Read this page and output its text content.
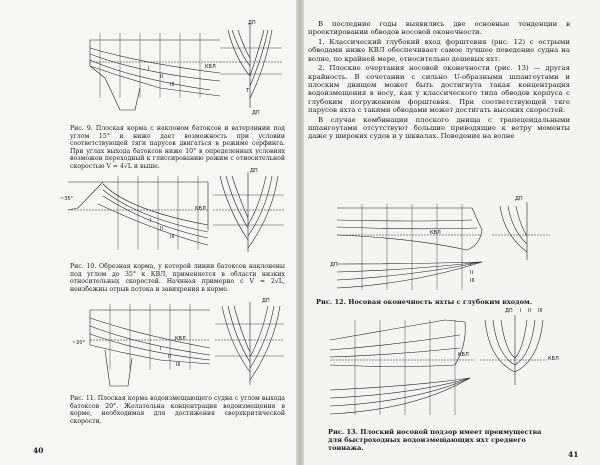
ДП
I
II
III
КВЛ
Т
ДП
Рис. 9. Плоская корма с наклоном батоксов и ватерлинии под углом 15° и ниже дает возможность при условии соответствующей тяги парусов двигаться в режиме серфинга. При углах выхода батоксов ниже 10° в определенных условиях возможен переходный к глиссированию режим с относительной скоростью V = 4√L и выше.
ДП
~35°
КВЛ
I
II
III
Рис. 10. Обрезная корма, у которой линии батоксов наклонены под углом до 35° к КВЛ, применяется в области низких относительных скоростей. Начиная примерно с V = 2√L, неизбежны отрыв потока и завихрения в корме.
ДП
~20°
КВЛ
I
II
III
Рис. 11. Плоская корма водоизмещающего судна с углом выхода батоксов 20°. Желательна концентрация водоизмещения в корме, необходимая для достижения сверхкритической скорости.
40

В последние годы выявились две основные тенденции в проектировании обводов носовой оконечности.

1. Классический глубокий вход форштевня (рис. 12) с острыми обводами ниже КВЛ обеспечивает самое лучшее поведение судна на волне, по крайней мере, относительно дешевых яхт.

2. Плоские очертания носовой оконечности (рис. 13) — другая крайность. В сочетании с сильно U-образными шпангоутами и плоским днищем может быть достигнута такая концентрация водоизмещения в носу, как у классического типа обводов корпуса с глубоким погружением форштевня. При соответствующей тяге парусов яхта с такими обводами может достигать высоких скоростей.

В случае комбинации плоского днища с трапецеидальными шпангоутами отсутствуют большие приводящие к ветру моменты даже у широких судов и у шквалах. Поведение на волне

ДП
КВЛ
ДП	I
II
III
Рис. 12. Носовая оконечность яхты с глубоким входом.
ДП I II III
КВЛ
КВЛ
Рис. 13. Плоский носовой подзор имеет преимущества для быстроходных водоизмещающих яхт среднего тоннажа.
41
